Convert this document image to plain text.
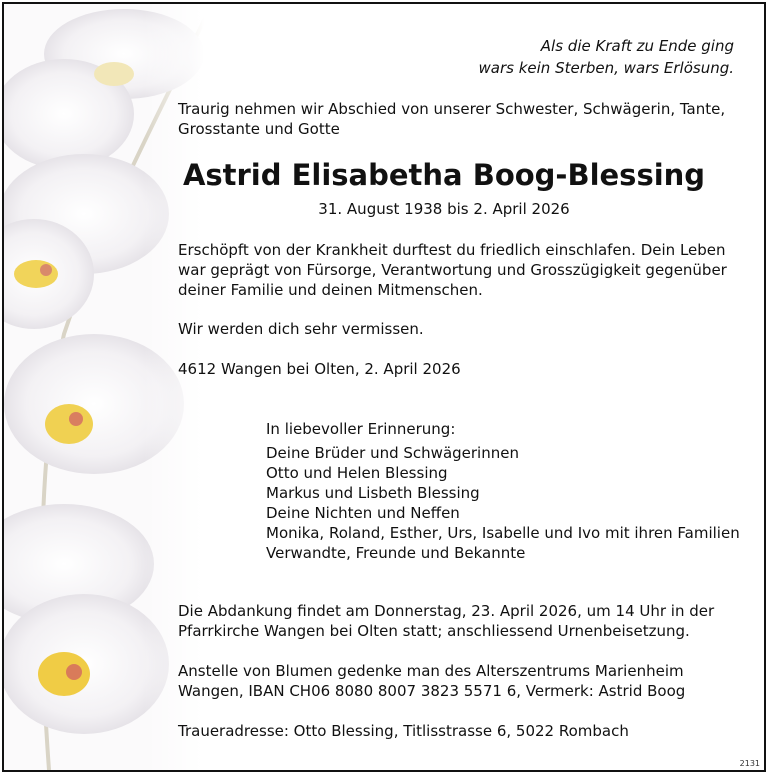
Als die Kraft zu Ende ging

wars kein Sterben, wars Erlösung.

Traurig nehmen wir Abschied von unserer Schwester, Schwägerin, Tante,

Grosstante und Gotte

Astrid Elisabetha Boog-Blessing

31. August 1938 bis 2. April 2026

Erschöpft von der Krankheit durftest du friedlich einschlafen. Dein Leben

war geprägt von Fürsorge, Verantwortung und Grosszügigkeit gegenüber

deiner Familie und deinen Mitmenschen.

Wir werden dich sehr vermissen.

4612 Wangen bei Olten, 2. April 2026

In liebevoller Erinnerung:

Deine Brüder und Schwägerinnen

Otto und Helen Blessing

Markus und Lisbeth Blessing

Deine Nichten und Neffen

Monika, Roland, Esther, Urs, Isabelle und Ivo mit ihren Familien

Verwandte, Freunde und Bekannte

Die Abdankung findet am Donnerstag, 23. April 2026, um 14 Uhr in der

Pfarrkirche Wangen bei Olten statt; anschliessend Urnenbeisetzung.

Anstelle von Blumen gedenke man des Alterszentrums Marienheim

Wangen, IBAN CH06 8080 8007 3823 5571 6, Vermerk: Astrid Boog

Traueradresse: Otto Blessing, Titlisstrasse 6, 5022 Rombach

2131
